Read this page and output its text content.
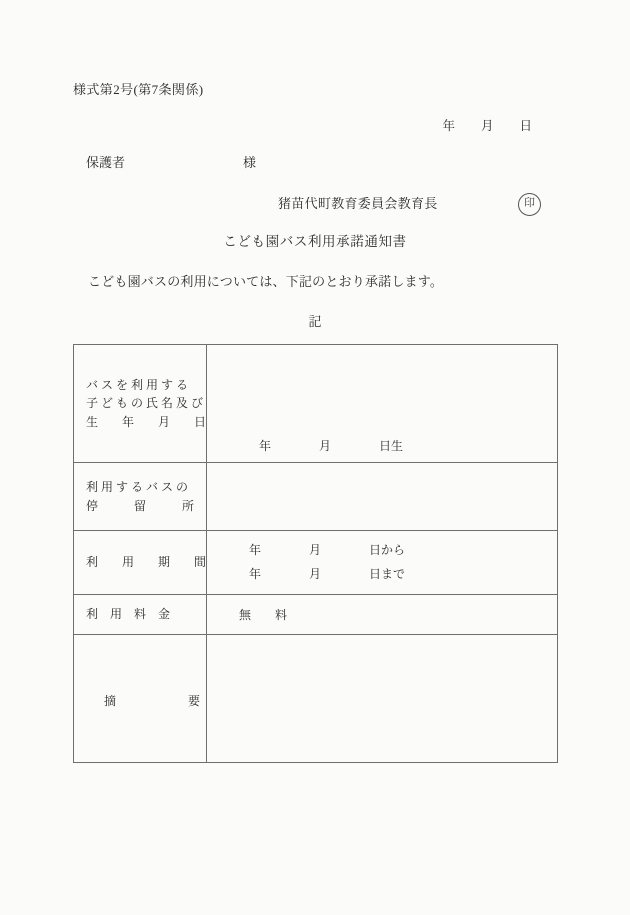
様式第2号(第7条関係)

年 月 日

保護者	様

猪苗代町教育委員会教育長	印
こども園バス利用承諾通知書
こども園バスの利用については、下記のとおり承諾します。
記
バ ス を 利 用 す る
子 ど も の 氏 名 及 び
生　　年　　月　　日	年　　　　月　　　　日生

利 用 す る バ ス の
停　　　留　　　所	

利　　用　　期　　間	年　　　　月　　　　日から
年　　　　月　　　　日まで

利　用　料　金	無　　料

摘　　　　　　要	
